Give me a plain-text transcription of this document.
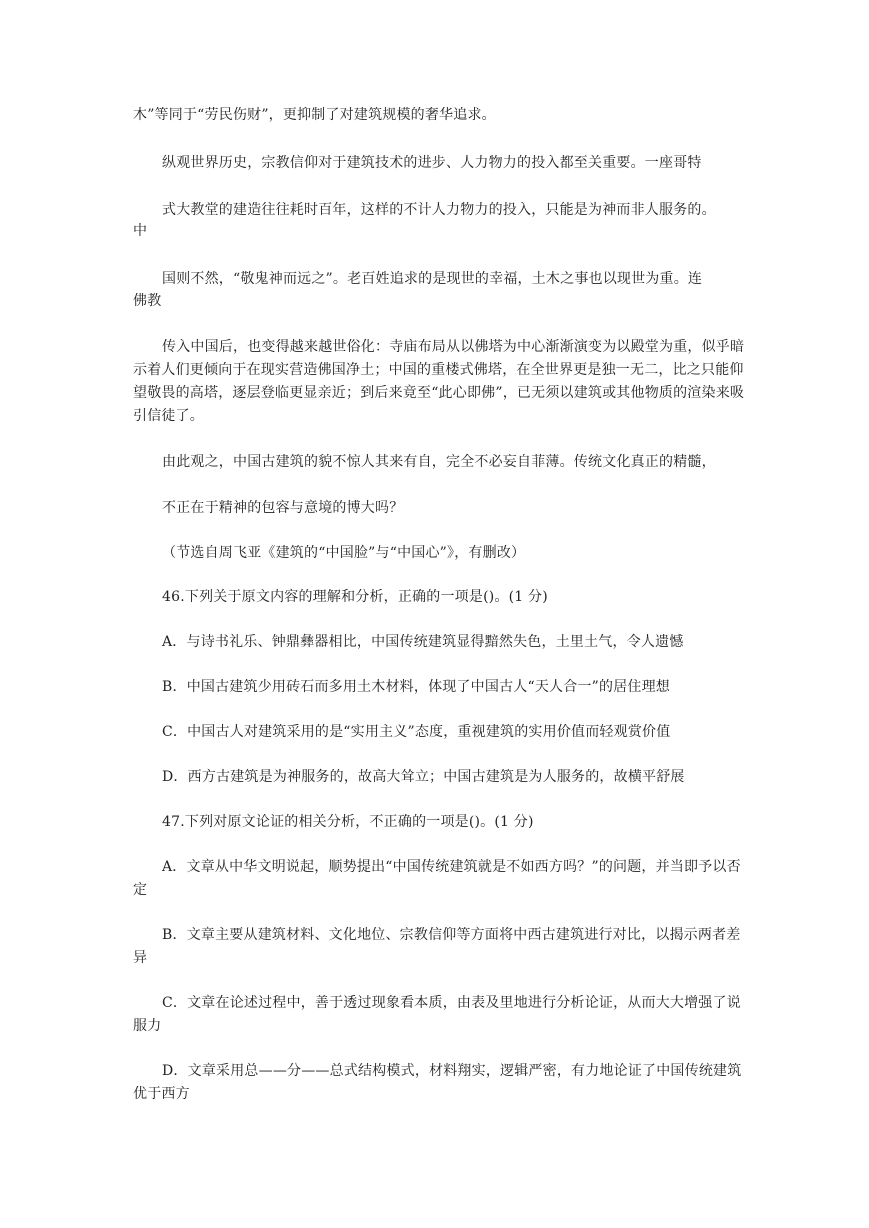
木”等同于“劳民伤财”，更抑制了对建筑规模的奢华追求。

纵观世界历史，宗教信仰对于建筑技术的进步、人力物力的投入都至关重要。一座哥特

式大教堂的建造往往耗时百年，这样的不计人力物力的投入，只能是为神而非人服务的。

中

国则不然，“敬鬼神而远之”。老百姓追求的是现世的幸福，土木之事也以现世为重。连

佛教

传入中国后，也变得越来越世俗化：寺庙布局从以佛塔为中心渐渐演变为以殿堂为重，似乎暗示着人们更倾向于在现实营造佛国净土；中国的重楼式佛塔，在全世界更是独一无二，比之只能仰望敬畏的高塔，逐层登临更显亲近；到后来竟至“此心即佛”，已无须以建筑或其他物质的渲染来吸引信徒了。

由此观之，中国古建筑的貌不惊人其来有自，完全不必妄自菲薄。传统文化真正的精髓，

不正在于精神的包容与意境的博大吗？

（节选自周飞亚《建筑的“中国脸”与“中国心”》，有删改）

46.下列关于原文内容的理解和分析，正确的一项是()。(1 分)

A．与诗书礼乐、钟鼎彝器相比，中国传统建筑显得黯然失色，土里土气，令人遗憾

B．中国古建筑少用砖石而多用土木材料，体现了中国古人“天人合一”的居住理想

C．中国古人对建筑采用的是“实用主义”态度，重视建筑的实用价值而轻观赏价值

D．西方古建筑是为神服务的，故高大耸立；中国古建筑是为人服务的，故横平舒展

47.下列对原文论证的相关分析，不正确的一项是()。(1 分)

A．文章从中华文明说起，顺势提出“中国传统建筑就是不如西方吗？”的问题，并当即予以否定

B．文章主要从建筑材料、文化地位、宗教信仰等方面将中西古建筑进行对比，以揭示两者差异

C．文章在论述过程中，善于透过现象看本质，由表及里地进行分析论证，从而大大增强了说服力

D．文章采用总——分——总式结构模式，材料翔实，逻辑严密，有力地论证了中国传统建筑优于西方
